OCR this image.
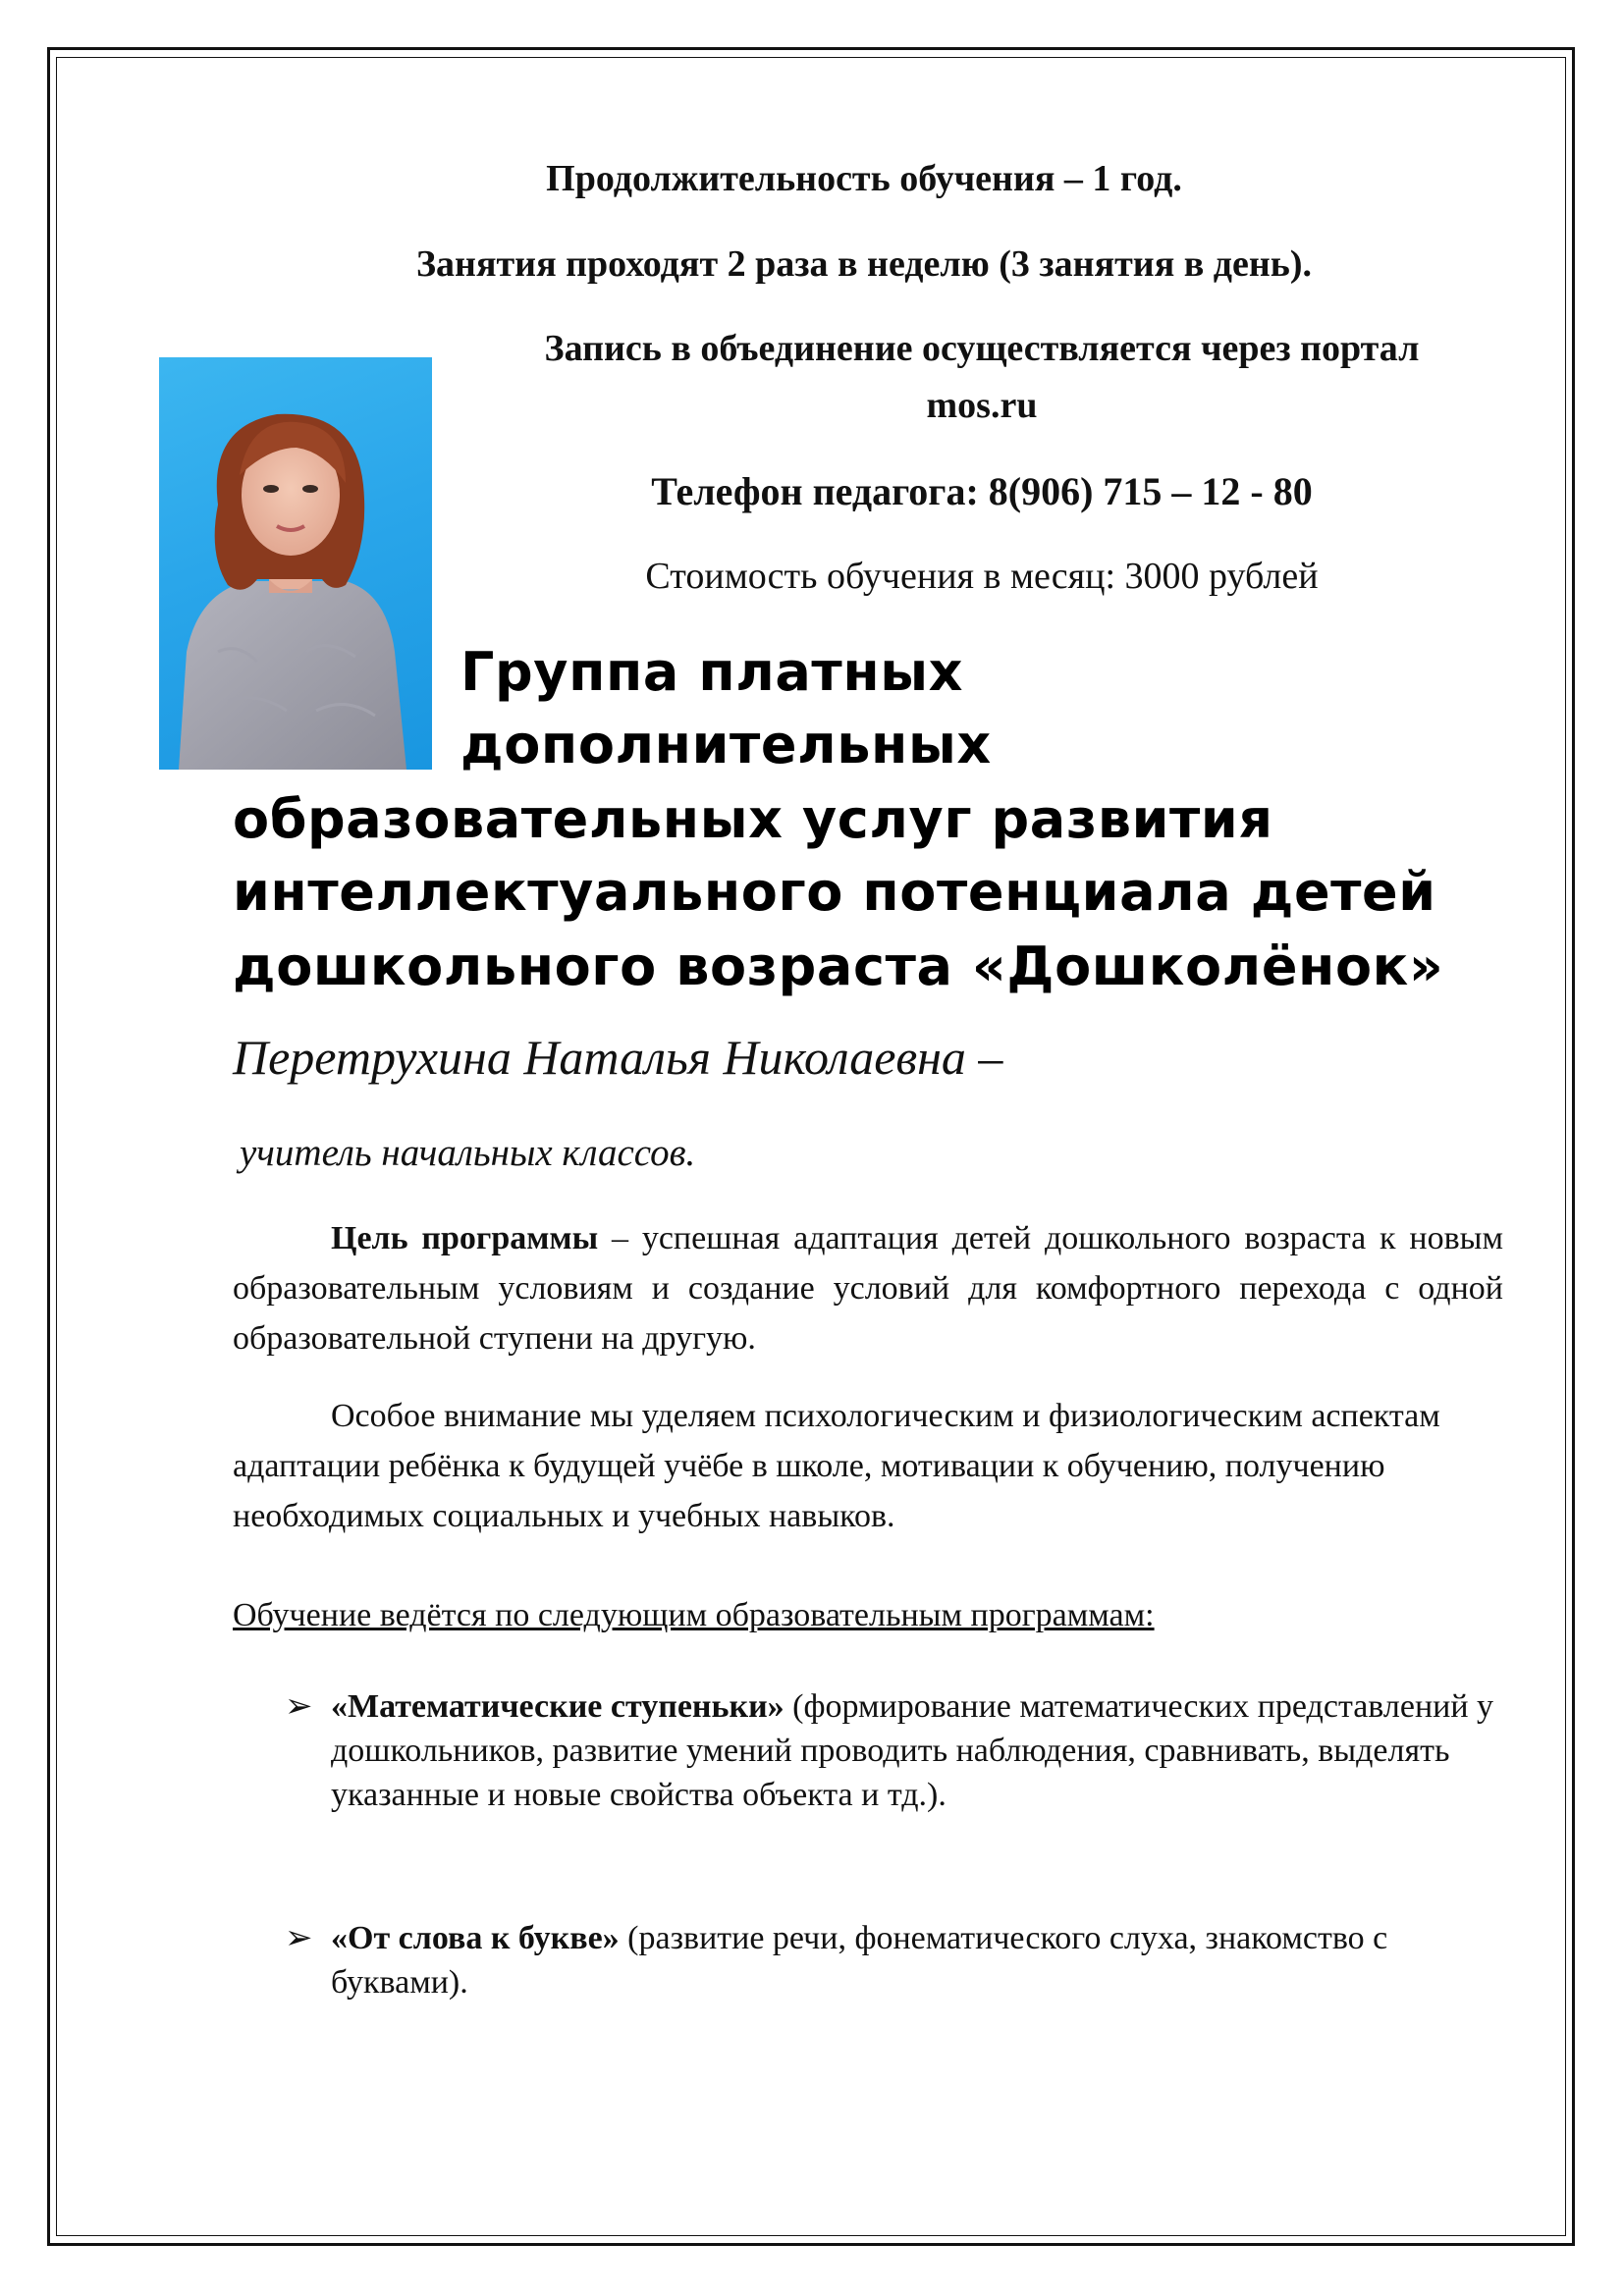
Продолжительность обучения – 1 год.
Занятия проходят 2 раза в неделю (3 занятия в день).
Запись в объединение осуществляется через портал
mos.ru
Телефон педагога: 8(906) 715 – 12 - 80
Стоимость обучения в месяц: 3000 рублей
Группа платных
дополнительных
образовательных услуг развития
интеллектуального потенциала детей
дошкольного возраста «Дошколёнок»
Перетрухина Наталья Николаевна –
учитель начальных классов.
Цель программы – успешная адаптация детей дошкольного возраста к новым образовательным условиям и создание условий для комфортного перехода с одной образовательной ступени на другую.
Особое внимание мы уделяем психологическим и физиологическим аспектам адаптации ребёнка к будущей учёбе в школе, мотивации к обучению, получению необходимых социальных и учебных навыков.
Обучение ведётся по следующим образовательным программам:
➢ «Математические ступеньки» (формирование математических представлений у дошкольников, развитие умений проводить наблюдения, сравнивать, выделять указанные и новые свойства объекта и тд.).
➢ «От слова к букве» (развитие речи, фонематического слуха, знакомство с буквами).
